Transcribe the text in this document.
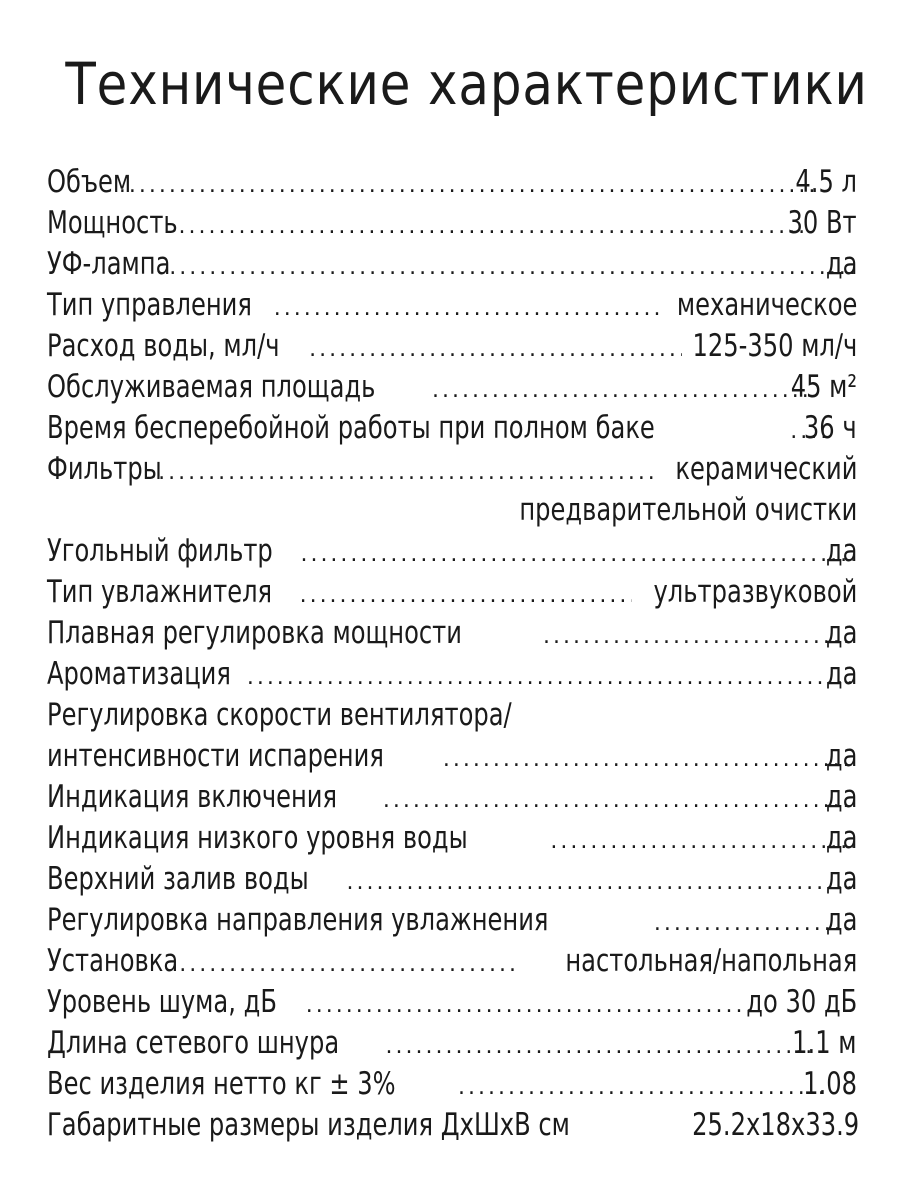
Технические характеристики
Объем .....	4.5 л
Мощность .....	30 Вт
УФ-лампа .....	да
Тип управления .....	механическое
Расход воды, мл/ч .....	125-350 мл/ч
Обслуживаемая площадь .....	45 м²
Время бесперебойной работы при полном баке .....	36 ч
Фильтры .....	керамический
предварительной очистки
Угольный фильтр .....	да
Тип увлажнителя .....	ультразвуковой
Плавная регулировка мощности .....	да
Ароматизация .....	да
Регулировка скорости вентилятора/
интенсивности испарения .....	да
Индикация включения .....	да
Индикация низкого уровня воды .....	да
Верхний залив воды .....	да
Регулировка направления увлажнения .....	да
Установка .....	настольная/напольная
Уровень шума, дБ .....	до 30 дБ
Длина сетевого шнура .....	1.1 м
Вес изделия нетто кг ± 3% .....	1.08
Габаритные размеры изделия ДхШхВ см	25.2x18x33.9
